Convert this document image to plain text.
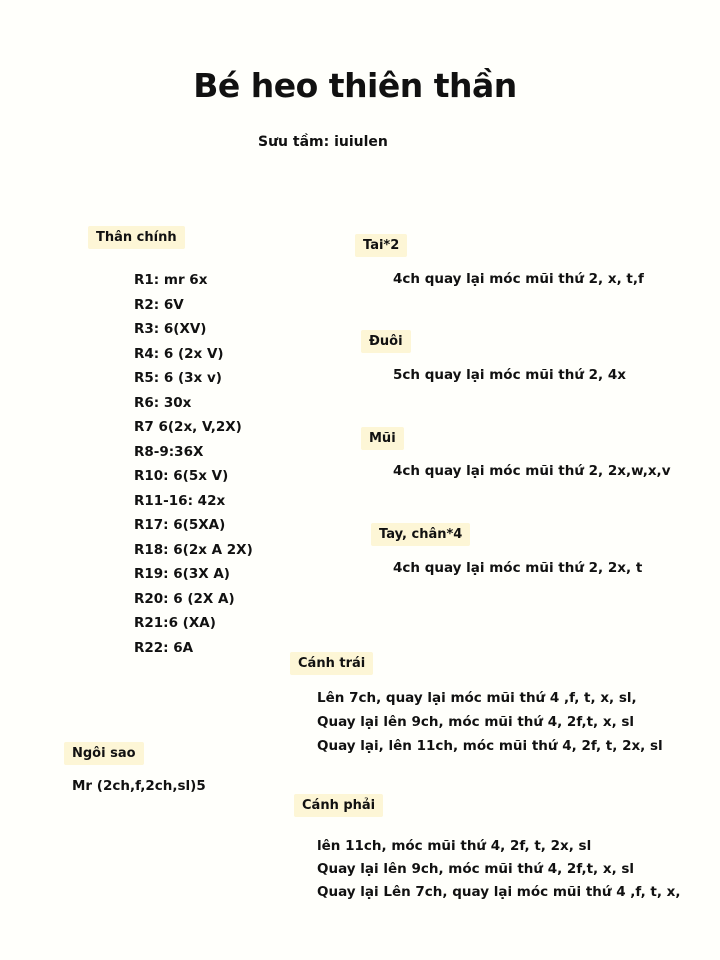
Bé heo thiên thần
Sưu tầm: iuiulen
Thân chính
R1: mr 6x
R2: 6V
R3: 6(XV)
R4: 6 (2x V)
R5: 6 (3x v)
R6: 30x
R7 6(2x, V,2X)
R8-9:36X
R10: 6(5x V)
R11-16: 42x
R17: 6(5XA)
R18: 6(2x A 2X)
R19: 6(3X A)
R20: 6 (2X A)
R21:6 (XA)
R22: 6A
Tai*2
4ch quay lại móc mũi thứ 2, x, t,f
Đuôi
5ch quay lại móc mũi thứ 2, 4x
Mũi
4ch quay lại móc mũi thứ 2, 2x,w,x,v
Tay, chân*4
4ch quay lại móc mũi thứ 2, 2x, t
Cánh trái
Lên 7ch, quay lại móc mũi thứ 4 ,f, t, x, sl,
Quay lại lên 9ch, móc mũi thứ 4, 2f,t, x, sl
Quay lại, lên 11ch, móc mũi thứ 4, 2f, t, 2x, sl
Ngôi sao
Mr (2ch,f,2ch,sl)5
Cánh phải
lên 11ch, móc mũi thứ 4, 2f, t, 2x, sl
Quay lại lên 9ch, móc mũi thứ 4, 2f,t, x, sl
Quay lại Lên 7ch, quay lại móc mũi thứ 4 ,f, t, x,
